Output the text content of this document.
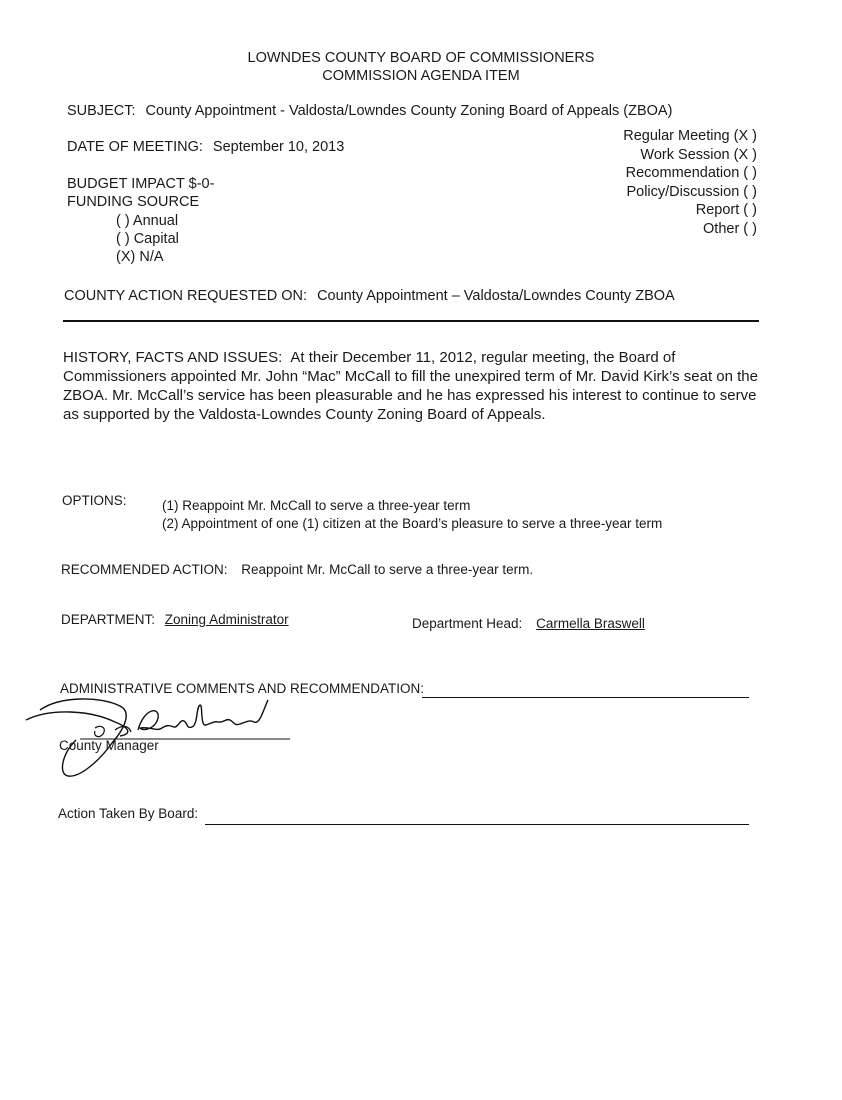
LOWNDES COUNTY BOARD OF COMMISSIONERS
COMMISSION AGENDA ITEM
SUBJECT: County Appointment - Valdosta/Lowndes County Zoning Board of Appeals (ZBOA)
Regular Meeting (X )
Work Session (X )
Recommendation ( )
Policy/Discussion ( )
Report ( )
Other ( )
DATE OF MEETING: September 10, 2013
BUDGET IMPACT $-0-
FUNDING SOURCE
( ) Annual
( ) Capital
(X) N/A
COUNTY ACTION REQUESTED ON: County Appointment – Valdosta/Lowndes County ZBOA
HISTORY, FACTS AND ISSUES: At their December 11, 2012, regular meeting, the Board of Commissioners appointed Mr. John “Mac” McCall to fill the unexpired term of Mr. David Kirk’s seat on the ZBOA. Mr. McCall’s service has been pleasurable and he has expressed his interest to continue to serve as supported by the Valdosta-Lowndes County Zoning Board of Appeals.
OPTIONS:	(1) Reappoint Mr. McCall to serve a three-year term
(2) Appointment of one (1) citizen at the Board’s pleasure to serve a three-year term
RECOMMENDED ACTION: Reappoint Mr. McCall to serve a three-year term.
DEPARTMENT: Zoning Administrator	Department Head: Carmella Braswell
ADMINISTRATIVE COMMENTS AND RECOMMENDATION:
County Manager
Action Taken By Board:
